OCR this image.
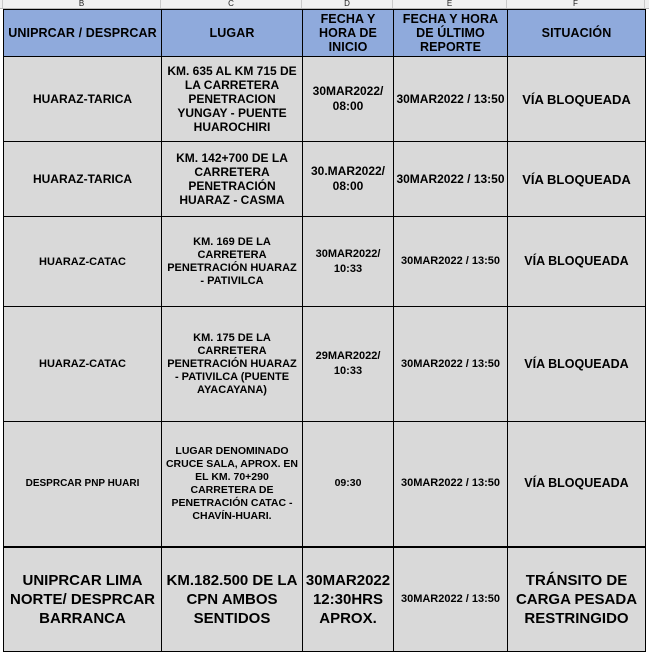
B	C	D	E	F
UNIPRCAR / DESPRCAR	LUGAR	FECHA Y HORA DE INICIO	FECHA Y HORA DE ÚLTIMO REPORTE	SITUACIÓN
HUARAZ-TARICA	KM. 635 AL KM 715 DE LA CARRETERA PENETRACION YUNGAY - PUENTE HUAROCHIRI	30MAR2022/ 08:00	30MAR2022 / 13:50	VÍA BLOQUEADA
HUARAZ-TARICA	KM. 142+700 DE LA CARRETERA PENETRACIÓN HUARAZ - CASMA	30.MAR2022/ 08:00	30MAR2022 / 13:50	VÍA BLOQUEADA
HUARAZ-CATAC	KM. 169 DE LA CARRETERA PENETRACIÓN HUARAZ - PATIVILCA	30MAR2022/ 10:33	30MAR2022 / 13:50	VÍA BLOQUEADA
HUARAZ-CATAC	KM. 175 DE LA CARRETERA PENETRACIÓN HUARAZ - PATIVILCA (PUENTE AYACAYANA)	29MAR2022/ 10:33	30MAR2022 / 13:50	VÍA BLOQUEADA
DESPRCAR PNP HUARI	LUGAR DENOMINADO CRUCE SALA, APROX. EN EL KM. 70+290 CARRETERA DE PENETRACIÓN CATAC - CHAVÍN-HUARI.	09:30	30MAR2022 / 13:50	VÍA BLOQUEADA
UNIPRCAR LIMA NORTE/ DESPRCAR BARRANCA	KM.182.500 DE LA CPN AMBOS SENTIDOS	30MAR2022 12:30HRS APROX.	30MAR2022 / 13:50	TRÁNSITO DE CARGA PESADA RESTRINGIDO
